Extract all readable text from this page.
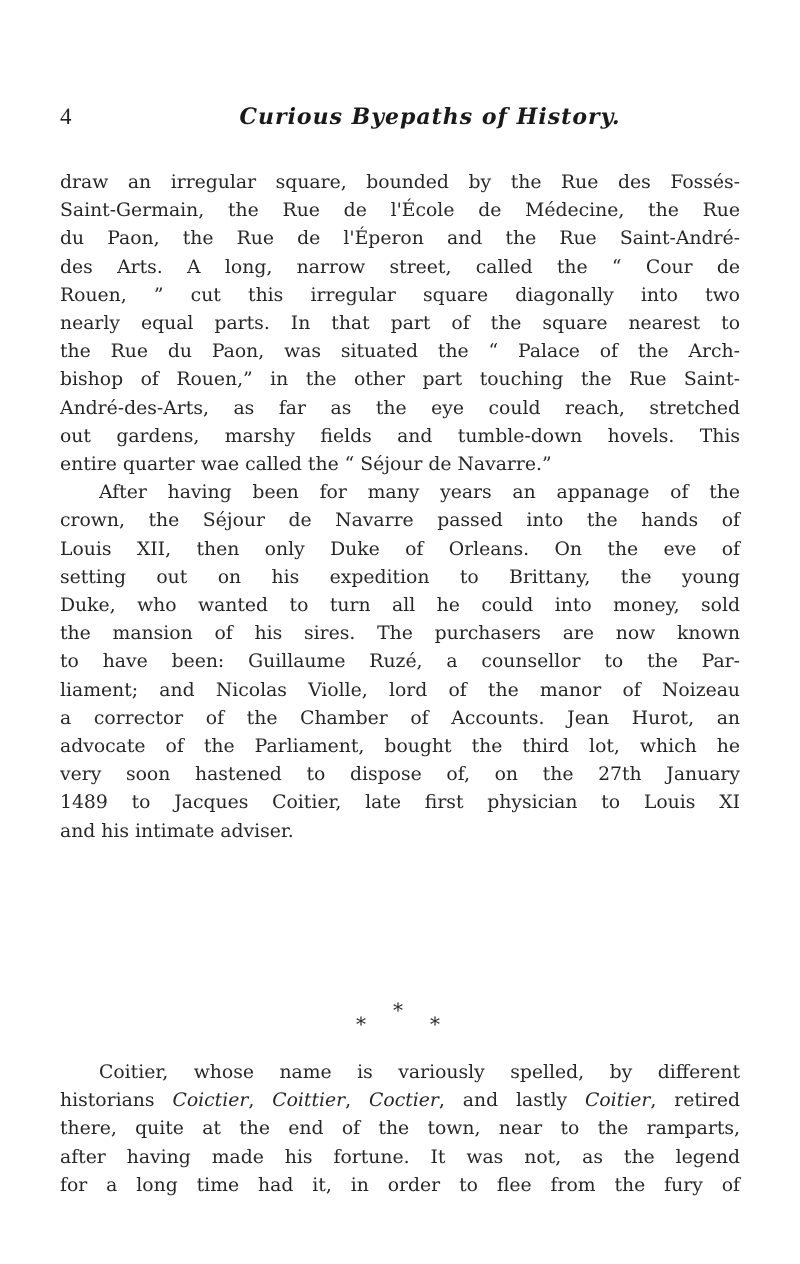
4	Curious Byepaths of History.

draw an irregular square, bounded by the Rue des Fossés-
Saint-Germain, the Rue de l'École de Médecine, the Rue
du Paon, the Rue de l'Éperon and the Rue Saint-André-
des Arts. A long, narrow street, called the “ Cour de
Rouen, ” cut this irregular square diagonally into two
nearly equal parts. In that part of the square nearest to
the Rue du Paon, was situated the “ Palace of the Arch-
bishop of Rouen,” in the other part touching the Rue Saint-
André-des-Arts, as far as the eye could reach, stretched
out gardens, marshy fields and tumble-down hovels. This
entire quarter wae called the “ Séjour de Navarre.”

After having been for many years an appanage of the
crown, the Séjour de Navarre passed into the hands of
Louis XII, then only Duke of Orleans. On the eve of
setting out on his expedition to Brittany, the young
Duke, who wanted to turn all he could into money, sold
the mansion of his sires. The purchasers are now known
to have been: Guillaume Ruzé, a counsellor to the Par-
liament; and Nicolas Violle, lord of the manor of Noizeau
a corrector of the Chamber of Accounts. Jean Hurot, an
advocate of the Parliament, bought the third lot, which he
very soon hastened to dispose of, on the 27th January
1489 to Jacques Coitier, late first physician to Louis XI
and his intimate adviser.

*
*	*
Coitier, whose name is variously spelled, by different
historians Coictier, Coittier, Coctier, and lastly Coitier, retired
there, quite at the end of the town, near to the ramparts,
after having made his fortune. It was not, as the legend
for a long time had it, in order to flee from the fury of
